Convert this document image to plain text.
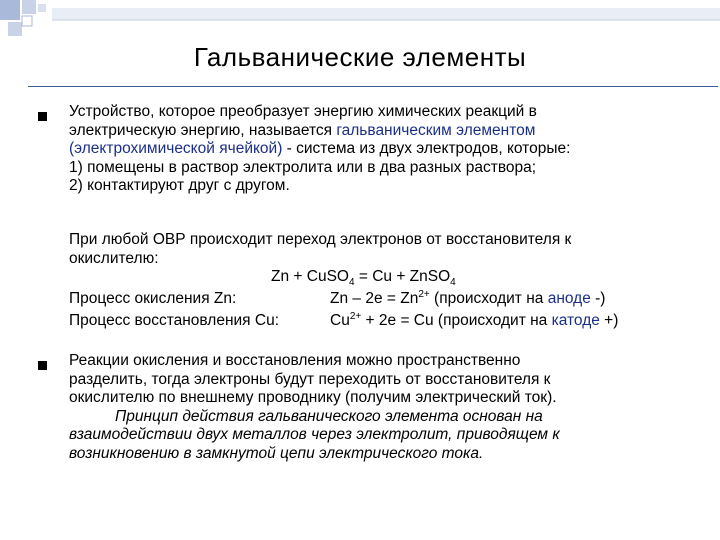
Гальванические элементы
Устройство, которое преобразует энергию химических реакций в
электрическую энергию, называется гальваническим элементом
(электрохимической ячейкой) - система из двух электродов, которые:
1) помещены в раствор электролита или в два разных раствора;
2) контактируют друг с другом.
При любой ОВР происходит переход электронов от восстановителя к
окислителю:
Zn + CuSO$_4$ = Cu + ZnSO$_4$
Процесс окисления Zn:	$Zn - 2e = Zn^{2+}$ (происходит на аноде -)
Процесс восстановления Cu:	$Cu^{2+} + 2e = Cu$ (происходит на катоде +)
Реакции окисления и восстановления можно пространственно
разделить, тогда электроны будут переходить от восстановителя к
окислителю по внешнему проводнику (получим электрический ток).
Принцип действия гальванического элемента основан на
взаимодействии двух металлов через электролит, приводящем к
возникновению в замкнутой цепи электрического тока.
